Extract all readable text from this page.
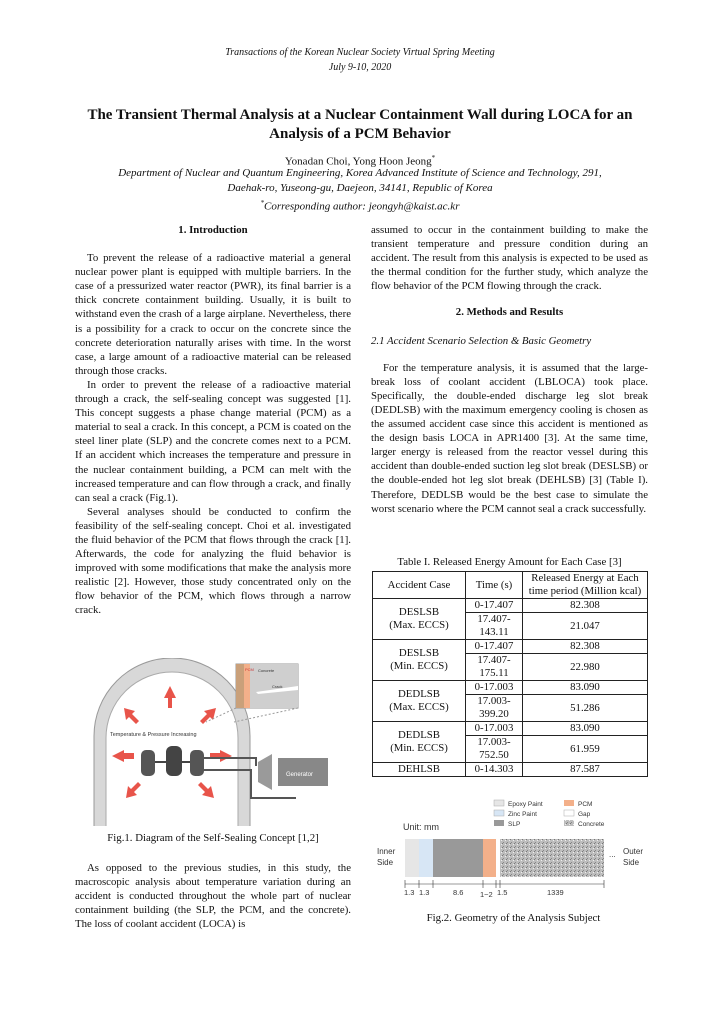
Transactions of the Korean Nuclear Society Virtual Spring Meeting
July 9-10, 2020
The Transient Thermal Analysis at a Nuclear Containment Wall during LOCA for an
Analysis of a PCM Behavior
Yonadan Choi, Yong Hoon Jeong*
Department of Nuclear and Quantum Engineering, Korea Advanced Institute of Science and Technology, 291,
Daehak-ro, Yuseong-gu, Daejeon, 34141, Republic of Korea
*Corresponding author: jeongyh@kaist.ac.kr
1. Introduction

To prevent the release of a radioactive material a general nuclear power plant is equipped with multiple barriers. In the case of a pressurized water reactor (PWR), its final barrier is a thick concrete containment building. Usually, it is built to withstand even the crash of a large airplane. Nevertheless, there is a possibility for a crack to occur on the concrete since the concrete deterioration naturally arises with time. In the worst case, a large amount of a radioactive material can be released through those cracks.

In order to prevent the release of a radioactive material through a crack, the self-sealing concept was suggested [1]. This concept suggests a phase change material (PCM) as a material to seal a crack. In this concept, a PCM is coated on the steel liner plate (SLP) and the concrete comes next to a PCM. If an accident which increases the temperature and pressure in the nuclear containment building, a PCM can melt with the increased temperature and can flow through a crack, and finally can seal a crack (Fig.1).

Several analyses should be conducted to confirm the feasibility of the self-sealing concept. Choi et al. investigated the fluid behavior of the PCM that flows through the crack [1]. Afterwards, the code for analyzing the fluid behavior is improved with some modifications that make the analysis more realistic [2]. However, those study concentrated only on the flow behavior of the PCM, which flows through a narrow crack.

Generator
PCM Concrete
Crack
Temperature & Pressure Increasing
Fig.1. Diagram of the Self-Sealing Concept [1,2]

As opposed to the previous studies, in this study, the macroscopic analysis about temperature variation during an accident is conducted throughout the whole part of nuclear containment building (the SLP, the PCM, and the concrete). The loss of coolant accident (LOCA) is

assumed to occur in the containment building to make the transient temperature and pressure condition during an accident. The result from this analysis is expected to be used as the thermal condition for the further study, which analyze the flow behavior of the PCM flowing through the crack.
2. Methods and Results
2.1 Accident Scenario Selection & Basic Geometry

For the temperature analysis, it is assumed that the large-break loss of coolant accident (LBLOCA) took place. Specifically, the double-ended discharge leg slot break (DEDLSB) with the maximum emergency cooling is chosen as the assumed accident case since this accident is mentioned as the design basis LOCA in APR1400 [3]. At the same time, larger energy is released from the reactor vessel during this accident than double-ended suction leg slot break (DESLSB) or the double-ended hot leg slot break (DEHLSB) [3] (Table I). Therefore, DEDLSB would be the best case to simulate the worst scenario where the PCM cannot seal a crack successfully.

Table I. Released Energy Amount for Each Case [3]
Accident Case	Time (s)	Released Energy at Each time period (Million kcal)

DESLSB
(Max. ECCS)	0-17.407	82.308
	17.407-143.11	21.047

DESLSB
(Min. ECCS)	0-17.407	82.308
	17.407-175.11	22.980

DEDLSB
(Max. ECCS)	0-17.003	83.090
	17.003-399.20	51.286

DEDLSB
(Min. ECCS)	0-17.003	83.090
	17.003-752.50	61.959

DEHLSB	0-14.303	87.587
Epoxy Paint	PCM
Zinc Paint	Gap
SLP	Concrete
Unit: mm
Inner
Side
Outer
Side
...
1.3 1.3	8.6 1~2 1.5	1339
Fig.2. Geometry of the Analysis Subject
